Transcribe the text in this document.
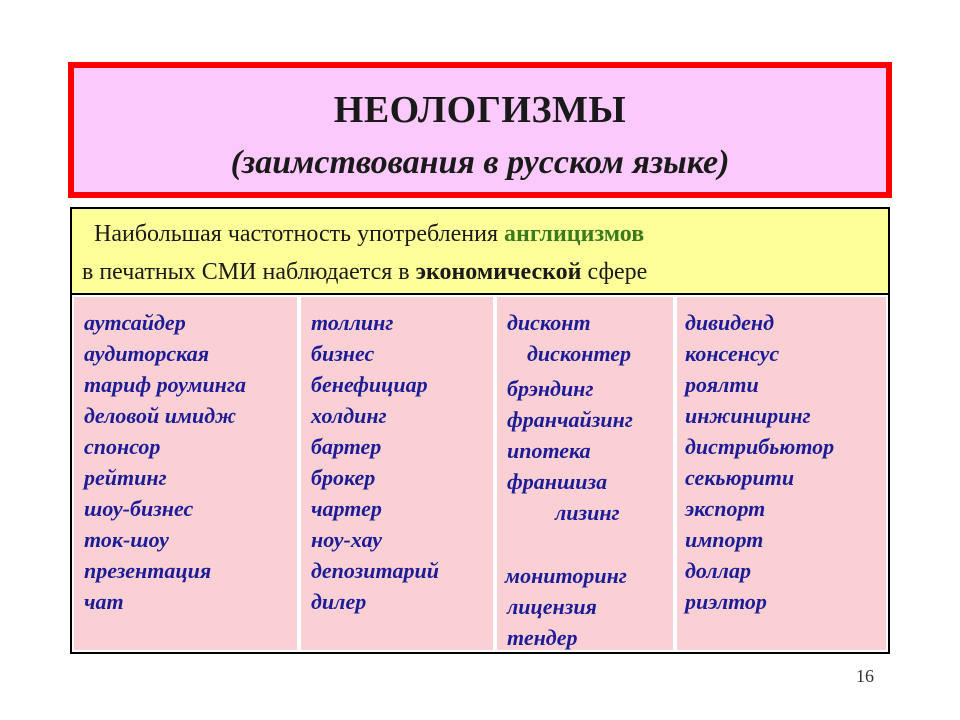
НЕОЛОГИЗМЫ
(заимствования в русском языке)
Наибольшая частотность употребления англицизмов
в печатных СМИ наблюдается в экономической сфере
аутсайдер
аудиторская
тариф роуминга
деловой имидж
спонсор
рейтинг
шоу-бизнес
ток-шоу
презентация
чат
толлинг
бизнес
бенефициар
холдинг
бартер
брокер
чартер
ноу-хау
депозитарий
дилер
дисконт
дисконтер
брэндинг
франчайзинг
ипотека
франшиза
лизинг
мониторинг
лицензия
тендер
дивиденд
консенсус
роялти
инжиниринг
дистрибьютор
секьюрити
экспорт
импорт
доллар
риэлтор
16
